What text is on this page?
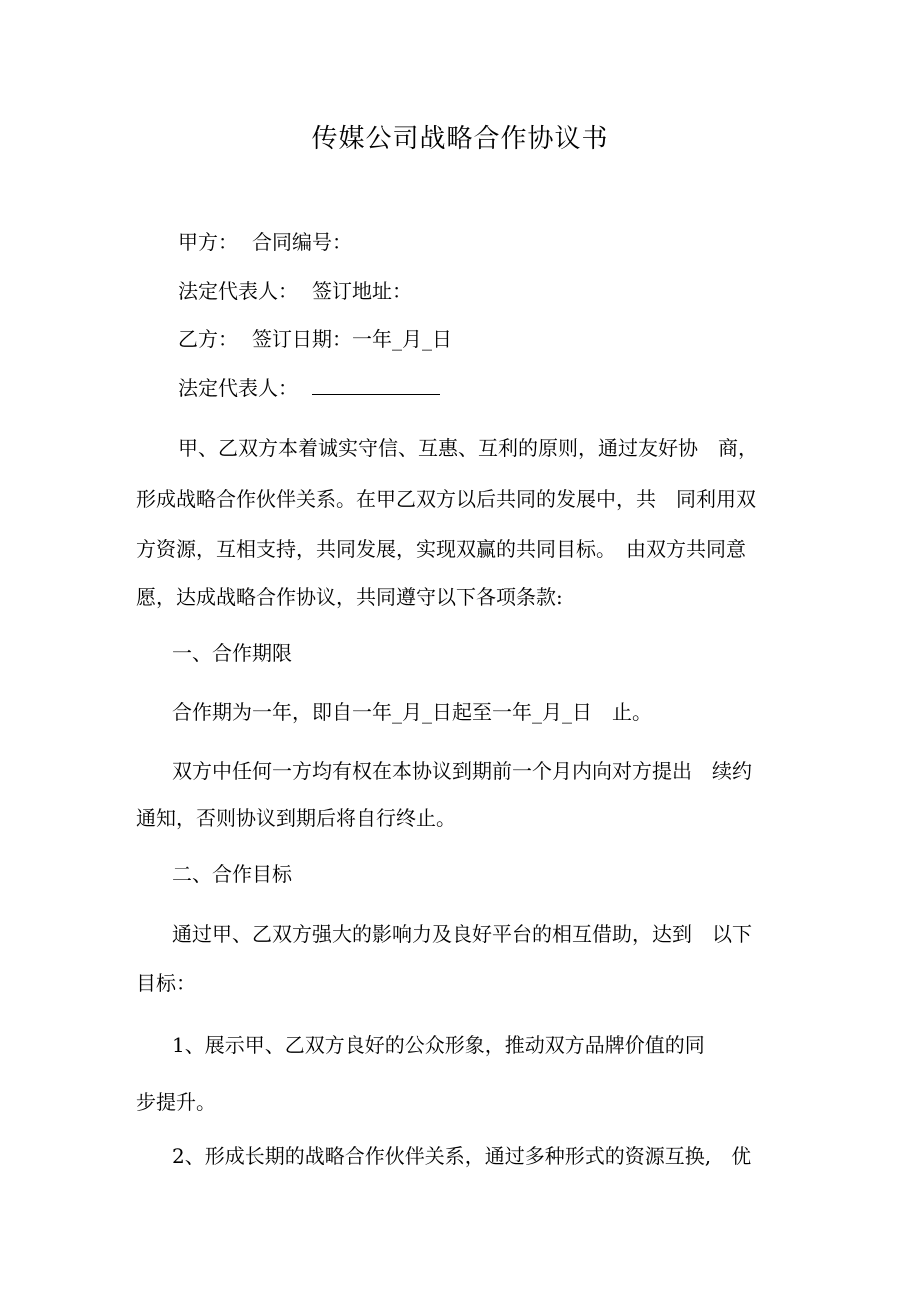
传媒公司战略合作协议书
甲方： 合同编号：
法定代表人： 签订地址：
乙方： 签订日期：一年_月_日
法定代表人：
甲、乙双方本着诚实守信、互惠、互利的原则，通过友好协　商，
形成战略合作伙伴关系。在甲乙双方以后共同的发展中，共　同利用双
方资源，互相支持，共同发展，实现双赢的共同目标。　由双方共同意
愿，达成战略合作协议，共同遵守以下各项条款:
一、合作期限
合作期为一年，即自一年_月_日起至一年_月_日　止。
双方中任何一方均有权在本协议到期前一个月内向对方提出　续约
通知，否则协议到期后将自行终止。
二、合作目标
通过甲、乙双方强大的影响力及良好平台的相互借助，达到　以下
目标：
1、展示甲、乙双方良好的公众形象，推动双方品牌价值的同
步提升。
2、形成长期的战略合作伙伴关系，通过多种形式的资源互换,　优
